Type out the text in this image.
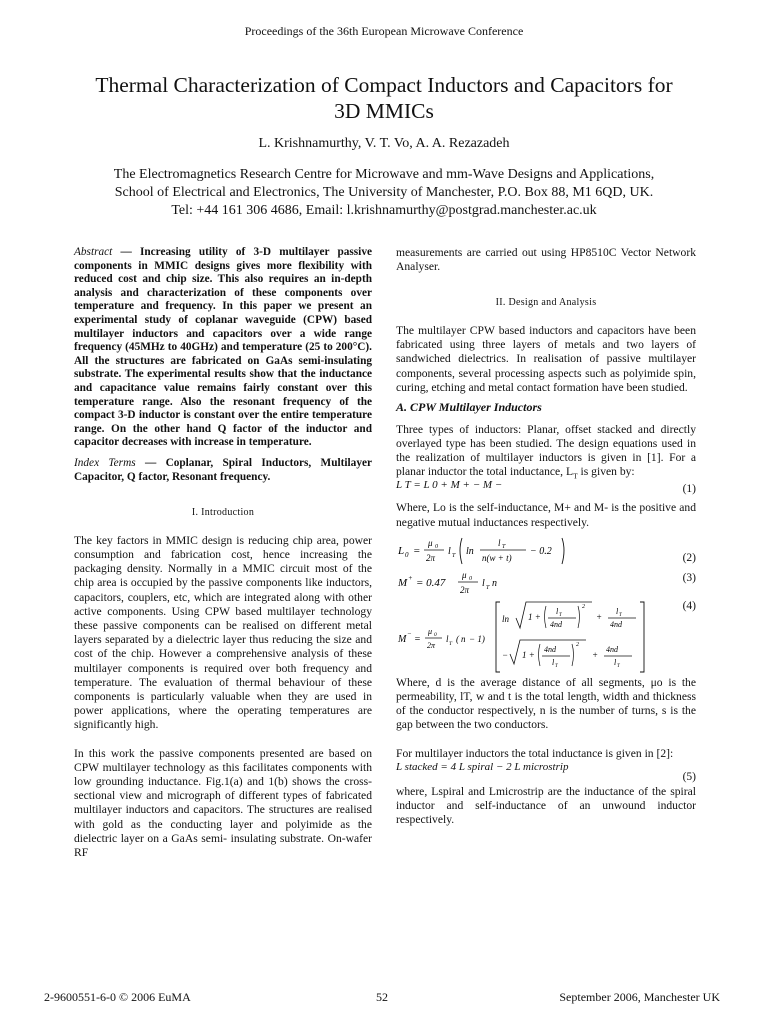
Proceedings of the 36th European Microwave Conference
Thermal Characterization of Compact Inductors and Capacitors for
3D MMICs
L. Krishnamurthy, V. T. Vo, A. A. Rezazadeh
The Electromagnetics Research Centre for Microwave and mm-Wave Designs and Applications,
School of Electrical and Electronics, The University of Manchester, P.O. Box 88, M1 6QD, UK.
Tel: +44 161 306 4686, Email: l.krishnamurthy@postgrad.manchester.ac.uk

Abstract — Increasing utility of 3-D multilayer passive components in MMIC designs gives more flexibility with reduced cost and chip size. This also requires an in-depth analysis and characterization of these components over temperature and frequency. In this paper we present an experimental study of coplanar waveguide (CPW) based multilayer inductors and capacitors over a wide range frequency (45MHz to 40GHz) and temperature (25 to 200°C). All the structures are fabricated on GaAs semi-insulating substrate. The experimental results show that the inductance and capacitance value remains fairly constant over this temperature range. Also the resonant frequency of the compact 3-D inductor is constant over the entire temperature range. On the other hand Q factor of the inductor and capacitor decreases with increase in temperature.

Index Terms — Coplanar, Spiral Inductors, Multilayer Capacitor, Q factor, Resonant frequency.

I. Introduction

The key factors in MMIC design is reducing chip area, power consumption and fabrication cost, hence increasing the packaging density. Normally in a MMIC circuit most of the chip area is occupied by the passive components like inductors, capacitors, couplers, etc, which are integrated along with other active components. Using CPW based multilayer technology these passive components can be realised on different metal layers separated by a dielectric layer thus reducing the size and cost of the chip. However a comprehensive analysis of these multilayer components is required over both frequency and temperature. The evaluation of thermal behaviour of these components is particularly valuable when they are used in power applications, where the operating temperatures are significantly high.

In this work the passive components presented are based on CPW multilayer technology as this facilitates components with low grounding inductance. Fig.1(a) and 1(b) shows the cross-sectional view and micrograph of different types of fabricated multilayer inductors and capacitors. The structures are realised with gold as the conducting layer and polyimide as the dielectric layer on a GaAs semi- insulating substrate. On-wafer RF

measurements are carried out using HP8510C Vector Network Analyser.

II. Design and Analysis

The multilayer CPW based inductors and capacitors have been fabricated using three layers of metals and two layers of sandwiched dielectrics. In realisation of passive multilayer components, several processing aspects such as polyimide spin, curing, etching and metal contact formation have been studied.

A. CPW Multilayer Inductors

Three types of inductors: Planar, offset stacked and directly overlayed type has been studied. The design equations used in the realization of multilayer inductors is given in [1]. For a planar inductor the total inductance, $L_T$ is given by:

L T = L 0 + M + − M −	(1)

Where, Lo is the self-inductance, M+ and M- is the positive and negative mutual inductances respectively.

L 0 =
μ 0
2π
l T ln
l T
n(w + t)
− 0.2
(2)
M + = 0.47
μ 0
2π
l T n	(3)
M − =
μ 0
2π
l T ( n − 1)
ln 1 +
l T
4nd
2
+
l T
4nd
− 1 +
4nd
l T
2
+
4nd
l T
(4)

Where, d is the average distance of all segments, μo is the permeability, lT, w and t is the total length, width and thickness of the conductor respectively, n is the number of turns, s is the gap between the two conductors.

For multilayer inductors the total inductance is given in [2]:

L stacked = 4 L spiral − 2 L microstrip
(5)

where, Lspiral and Lmicrostrip are the inductance of the spiral inductor and self-inductance of an unwound inductor respectively.

2-9600551-6-0 © 2006 EuMA	52	September 2006, Manchester UK
